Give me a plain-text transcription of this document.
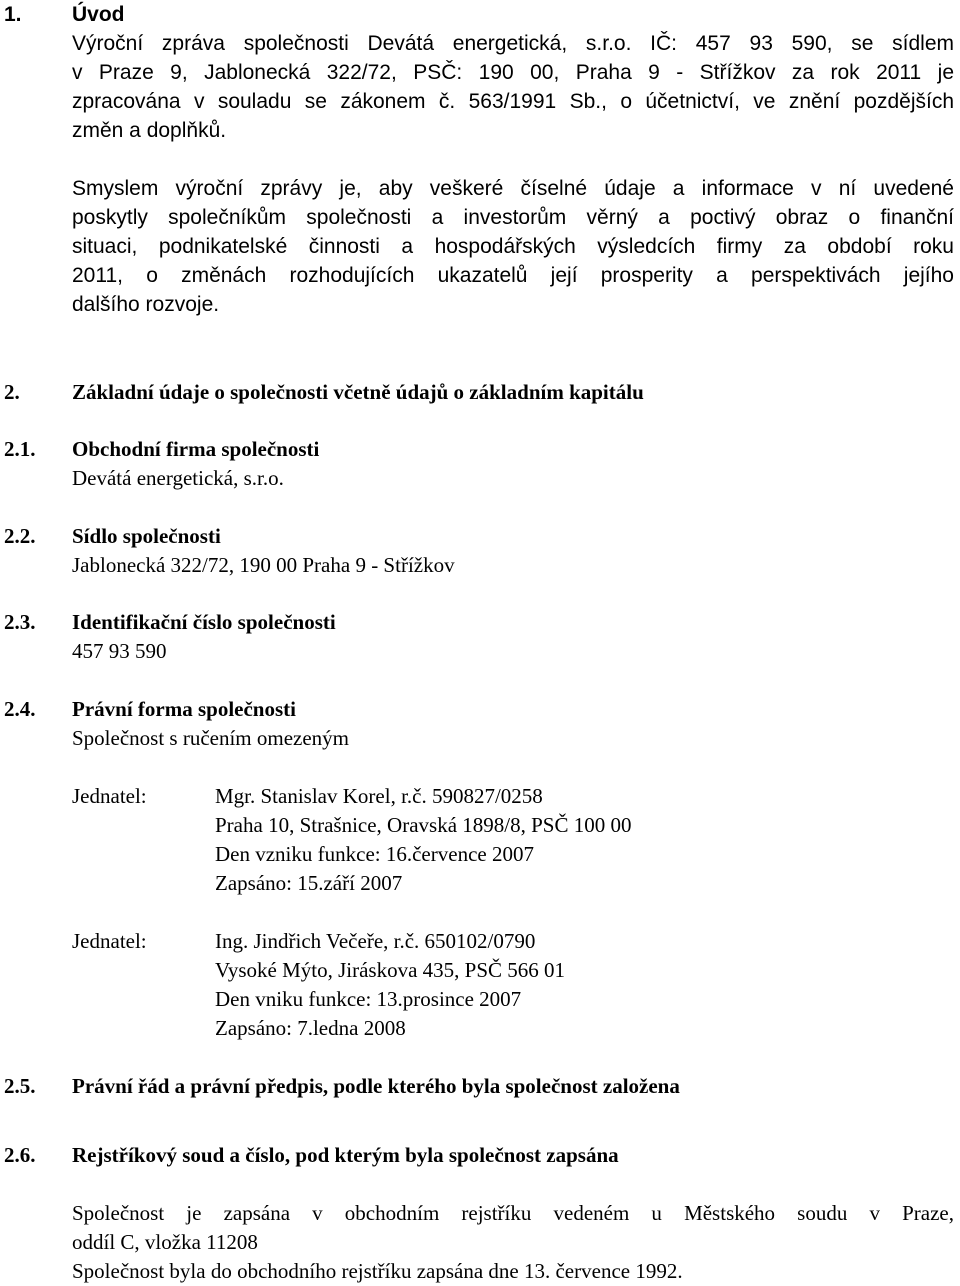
1. Úvod
Výroční zpráva společnosti Devátá energetická, s.r.o. IČ: 457 93 590, se sídlem
v Praze 9, Jablonecká 322/72, PSČ: 190 00, Praha 9 - Střížkov za rok 2011 je
zpracována v souladu se zákonem č. 563/1991 Sb., o účetnictví, ve znění pozdějších
změn a doplňků.
Smyslem výroční zprávy je, aby veškeré číselné údaje a informace v ní uvedené
poskytly společníkům společnosti a investorům věrný a poctivý obraz o finanční
situaci, podnikatelské činnosti a hospodářských výsledcích firmy za období roku
2011, o změnách rozhodujících ukazatelů její prosperity a perspektivách jejího
dalšího rozvoje.
2. Základní údaje o společnosti včetně údajů o základním kapitálu
2.1. Obchodní firma společnosti
Devátá energetická, s.r.o.
2.2. Sídlo společnosti
Jablonecká 322/72, 190 00 Praha 9 - Střížkov
2.3. Identifikační číslo společnosti
457 93 590
2.4. Právní forma společnosti
Společnost s ručením omezeným
Jednatel:	Mgr. Stanislav Korel, r.č. 590827/0258
Praha 10, Strašnice, Oravská 1898/8, PSČ 100 00
Den vzniku funkce: 16.července 2007
Zapsáno: 15.září 2007
Jednatel:	Ing. Jindřich Večeře, r.č. 650102/0790
Vysoké Mýto, Jiráskova 435, PSČ 566 01
Den vniku funkce: 13.prosince 2007
Zapsáno: 7.ledna 2008
2.5. Právní řád a právní předpis, podle kterého byla společnost založena
2.6. Rejstříkový soud a číslo, pod kterým byla společnost zapsána
Společnost je zapsána v obchodním rejstříku vedeném u Městského soudu v Praze,
oddíl C, vložka 11208
Společnost byla do obchodního rejstříku zapsána dne 13. července 1992.
